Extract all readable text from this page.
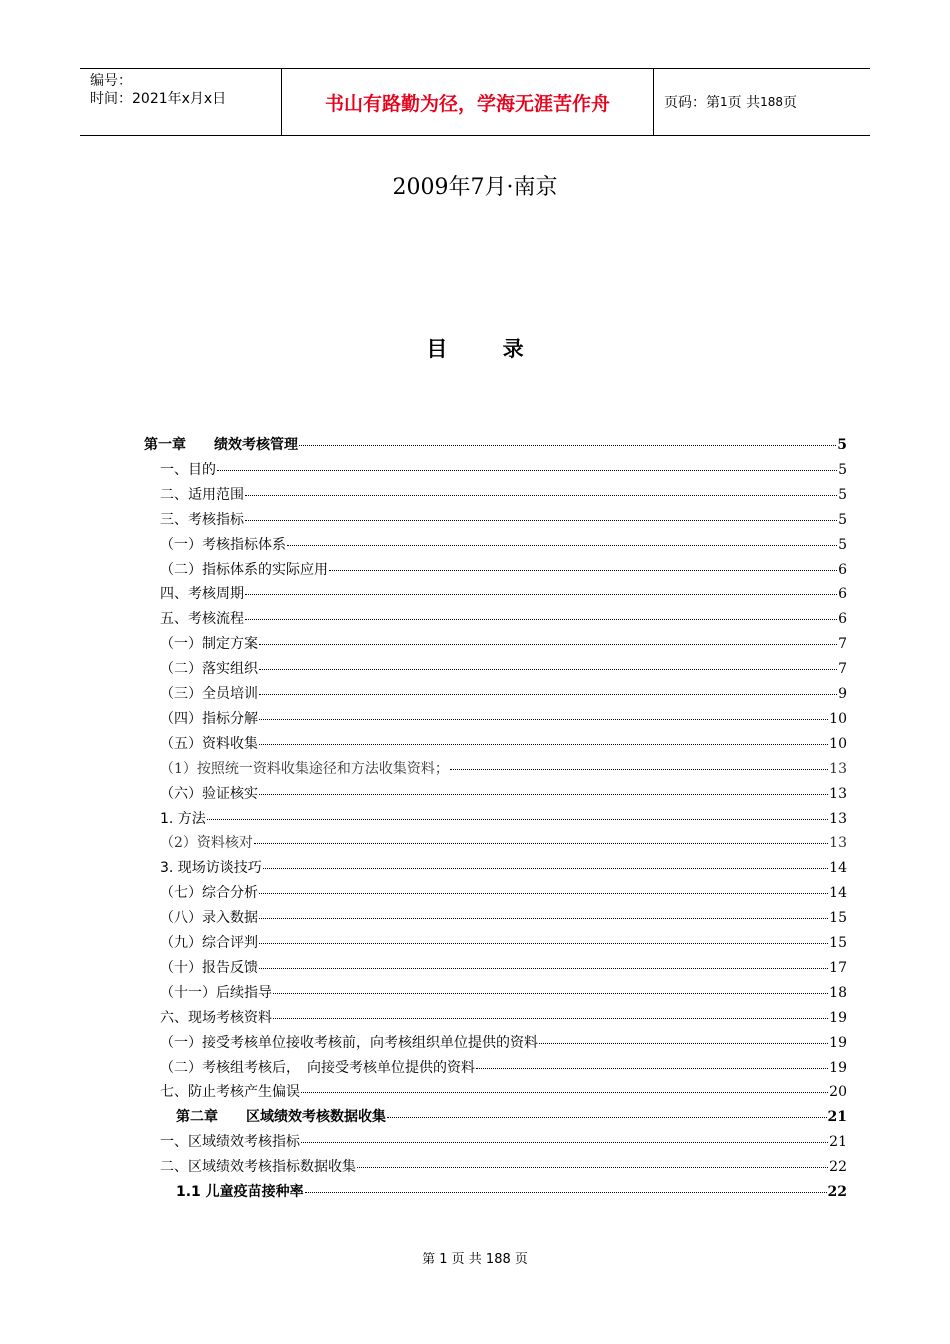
编号：
时间：2021年x月x日	书山有路勤为径，学海无涯苦作舟	页码：第 1 页 共 188 页
2009年7月·南京
目	录
第一章　　绩效考核管理	5
一、目的	5
二、适用范围	5
三、考核指标	5
（一）考核指标体系	5
（二）指标体系的实际应用	6
四、考核周期	6
五、考核流程	6
（一）制定方案	7
（二）落实组织	7
（三）全员培训	9
（四）指标分解	10
（五）资料收集	10
（1）按照统一资料收集途径和方法收集资料；	13
（六）验证核实	13
1. 方法	13
（2）资料核对	13
3. 现场访谈技巧	14
（七）综合分析	14
（八）录入数据	15
（九）综合评判	15
（十）报告反馈	17
（十一）后续指导	18
六、现场考核资料	19
（一）接受考核单位接收考核前，向考核组织单位提供的资料	19
（二）考核组考核后，　向接受考核单位提供的资料	19
七、防止考核产生偏误	20
第二章　　区域绩效考核数据收集	21
一、区域绩效考核指标	21
二、区域绩效考核指标数据收集	22
1.1 儿童疫苗接种率	22
第 1 页 共 188 页
